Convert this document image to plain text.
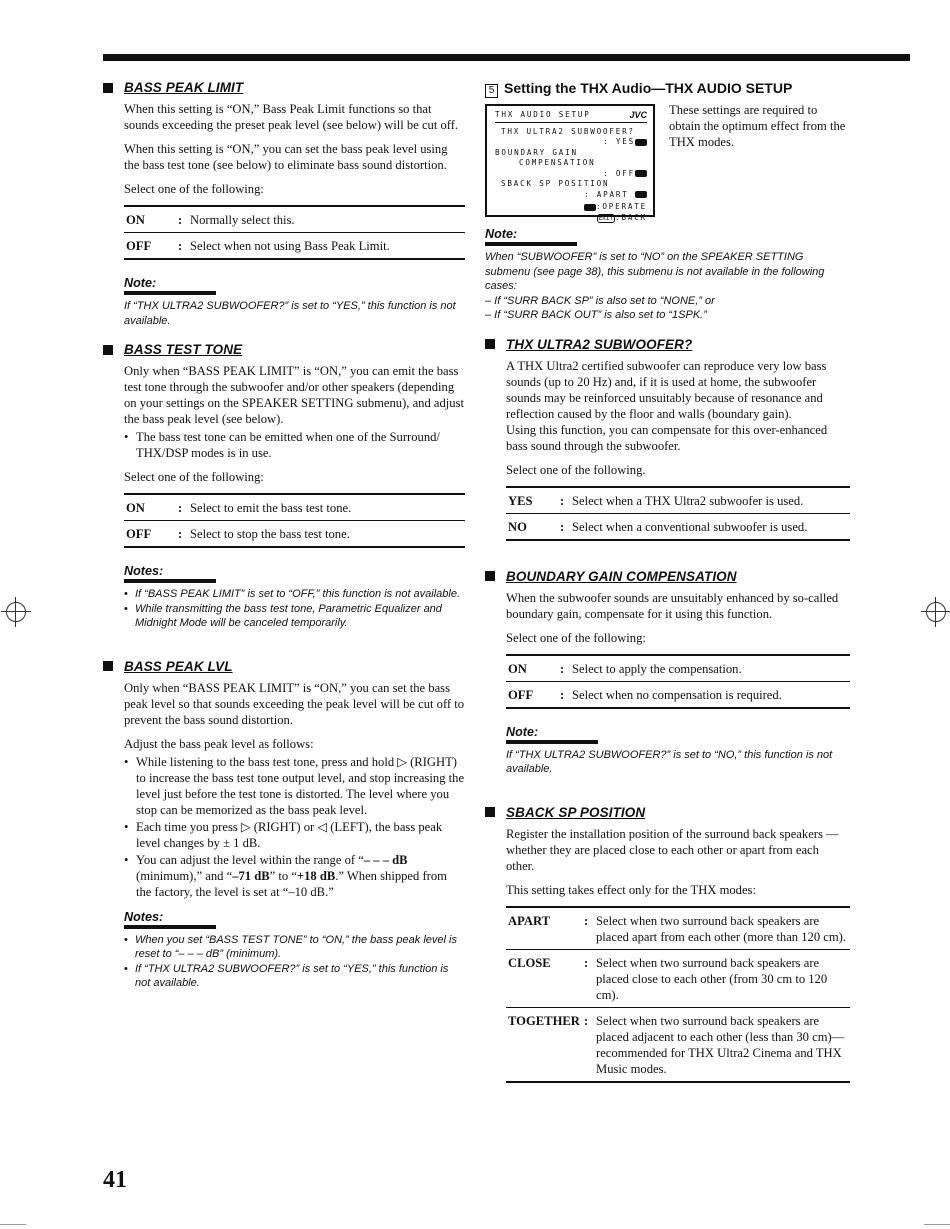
BASS PEAK LIMIT

When this setting is “ON,” Bass Peak Limit functions so that sounds exceeding the preset peak level (see below) will be cut off.

When this setting is “ON,” you can set the bass peak level using the bass test tone (see below) to eliminate bass sound distortion.

Select one of the following:

ON	:	Normally select this.
OFF	:	Select when not using Bass Peak Limit.
Note:
If “THX ULTRA2 SUBWOOFER?” is set to “YES,” this function is not available.
BASS TEST TONE

Only when “BASS PEAK LIMIT” is “ON,” you can emit the bass test tone through the subwoofer and/or other speakers (depending on your settings on the SPEAKER SETTING submenu), and adjust the bass peak level (see below).

• The bass test tone can be emitted when one of the Surround/ THX/DSP modes is in use.

Select one of the following:

ON	:	Select to emit the bass test tone.
OFF	:	Select to stop the bass test tone.
Notes:
• If “BASS PEAK LIMIT” is set to “OFF,” this function is not available.
• While transmitting the bass test tone, Parametric Equalizer and Midnight Mode will be canceled temporarily.
BASS PEAK LVL

Only when “BASS PEAK LIMIT” is “ON,” you can set the bass peak level so that sounds exceeding the peak level will be cut off to prevent the bass sound distortion.

Adjust the bass peak level as follows:

• While listening to the bass test tone, press and hold ▷ (RIGHT) to increase the bass test tone output level, and stop increasing the level just before the test tone is distorted. The level where you stop can be memorized as the bass peak level.
• Each time you press ▷ (RIGHT) or ◁ (LEFT), the bass peak level changes by ± 1 dB.
• You can adjust the level within the range of “– – – dB (minimum),” and “–71 dB” to “+18 dB.” When shipped from the factory, the level is set at “–10 dB.”
Notes:
• When you set “BASS TEST TONE” to “ON,” the bass peak level is reset to “– – – dB” (minimum).
• If “THX ULTRA2 SUBWOOFER?” is set to “YES,” this function is not available.
5 Setting the THX Audio—THX AUDIO SETUP
THX AUDIO SETUP	JVC
THX ULTRA2 SUBWOOFER?
: YES
BOUNDARY GAIN
COMPENSATION
: OFF
SBACK SP POSITION
: APART
:OPERATE
EXIT :BACK

These settings are required to obtain the optimum effect from the THX modes.

Note:
When “SUBWOOFER” is set to “NO” on the SPEAKER SETTING submenu (see page 38), this submenu is not available in the following cases:
– If “SURR BACK SP” is also set to “NONE,” or
– If “SURR BACK OUT” is also set to “1SPK.”
THX ULTRA2 SUBWOOFER?

A THX Ultra2 certified subwoofer can reproduce very low bass sounds (up to 20 Hz) and, if it is used at home, the subwoofer sounds may be reinforced unsuitably because of resonance and reflection caused by the floor and walls (boundary gain).

Using this function, you can compensate for this over-enhanced bass sound through the subwoofer.

Select one of the following.

YES	:	Select when a THX Ultra2 subwoofer is used.
NO	:	Select when a conventional subwoofer is used.
BOUNDARY GAIN COMPENSATION

When the subwoofer sounds are unsuitably enhanced by so-called boundary gain, compensate for it using this function.

Select one of the following:

ON	:	Select to apply the compensation.
OFF	:	Select when no compensation is required.
Note:
If “THX ULTRA2 SUBWOOFER?” is set to “NO,” this function is not available.
SBACK SP POSITION

Register the installation position of the surround back speakers —whether they are placed close to each other or apart from each other.

This setting takes effect only for the THX modes:

APART	:	Select when two surround back speakers are placed apart from each other (more than 120 cm).
CLOSE	:	Select when two surround back speakers are placed close to each other (from 30 cm to 120 cm).
TOGETHER	:	Select when two surround back speakers are placed adjacent to each other (less than 30 cm)—recommended for THX Ultra2 Cinema and THX Music modes.
41
